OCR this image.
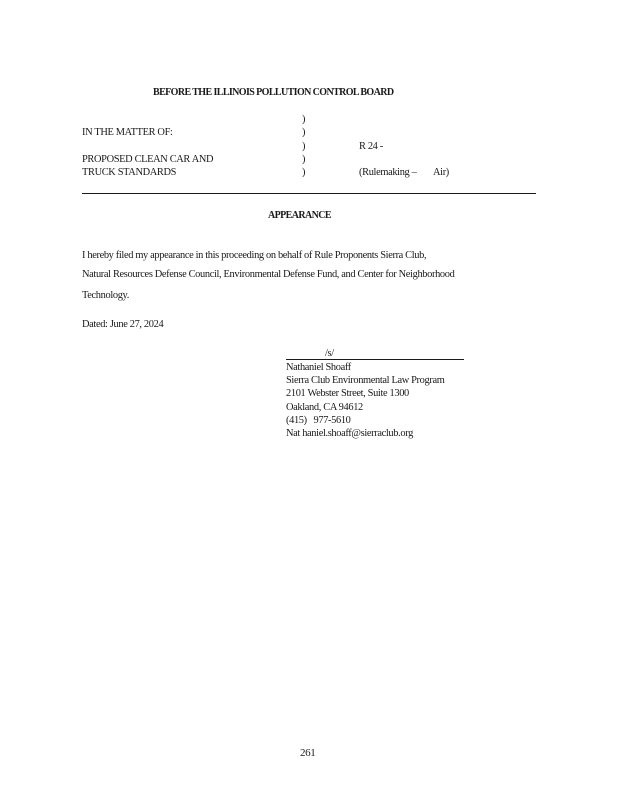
BEFORE THE ILLINOIS POLLUTION CONTROL BOARD
IN THE MATTER OF:
PROPOSED CLEAN CAR AND
TRUCK STANDARDS
)
)
)
)
)
R 24 -
(Rulemaking – Air)
APPEARANCE
I hereby filed my appearance in this proceeding on behalf of Rule Proponents Sierra Club,
Natural Resources Defense Council, Environmental Defense Fund, and Center for Neighborhood
Technology.
Dated: June 27, 2024
/s/
Nathaniel Shoaff
Sierra Club Environmental Law Program
2101 Webster Street, Suite 1300
Oakland, CA 94612
(415)   977-5610
Nat haniel.shoaff@sierraclub.org
261
